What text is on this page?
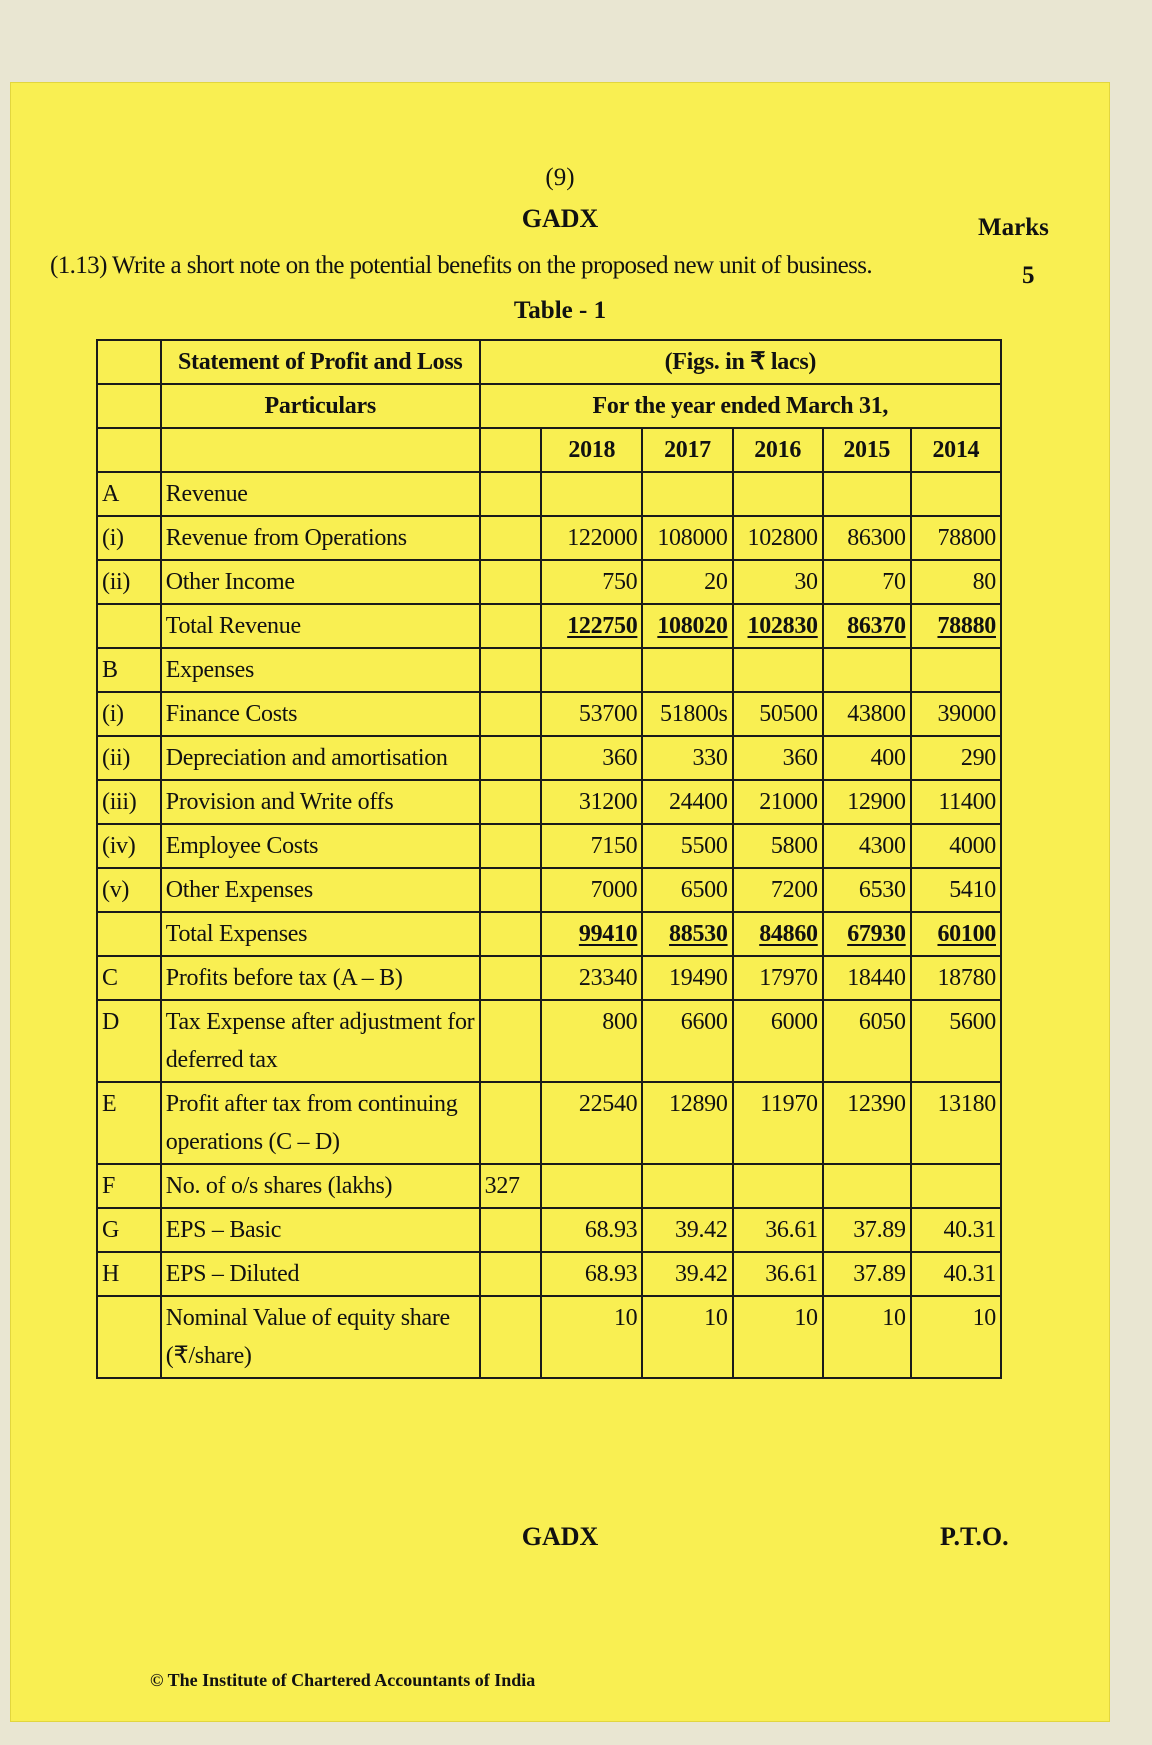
(9)
GADX	Marks
(1.13) Write a short note on the potential benefits on the proposed new unit of business.	5
Table - 1
	Statement of Profit and Loss	(Figs. in ₹ lacs)					
	Particulars	For the year ended March 31,					
			2018	2017	2016	2015	2014
A	Revenue						
(i)	Revenue from Operations		122000	108000	102800	86300	78800
(ii)	Other Income		750	20	30	70	80
	Total Revenue		122750	108020	102830	86370	78880
B	Expenses						
(i)	Finance Costs		53700	51800s	50500	43800	39000
(ii)	Depreciation and amortisation		360	330	360	400	290
(iii)	Provision and Write offs		31200	24400	21000	12900	11400
(iv)	Employee Costs		7150	5500	5800	4300	4000
(v)	Other Expenses		7000	6500	7200	6530	5410
	Total Expenses		99410	88530	84860	67930	60100
C	Profits before tax (A – B)		23340	19490	17970	18440	18780
D	Tax Expense after adjustment for deferred tax		800	6600	6000	6050	5600
E	Profit after tax from continuing operations (C – D)		22540	12890	11970	12390	13180
F	No. of o/s shares (lakhs)	327					
G	EPS – Basic		68.93	39.42	36.61	37.89	40.31
H	EPS – Diluted		68.93	39.42	36.61	37.89	40.31
	Nominal Value of equity share (₹/share)		10	10	10	10	10
GADX	P.T.O.
© The Institute of Chartered Accountants of India
